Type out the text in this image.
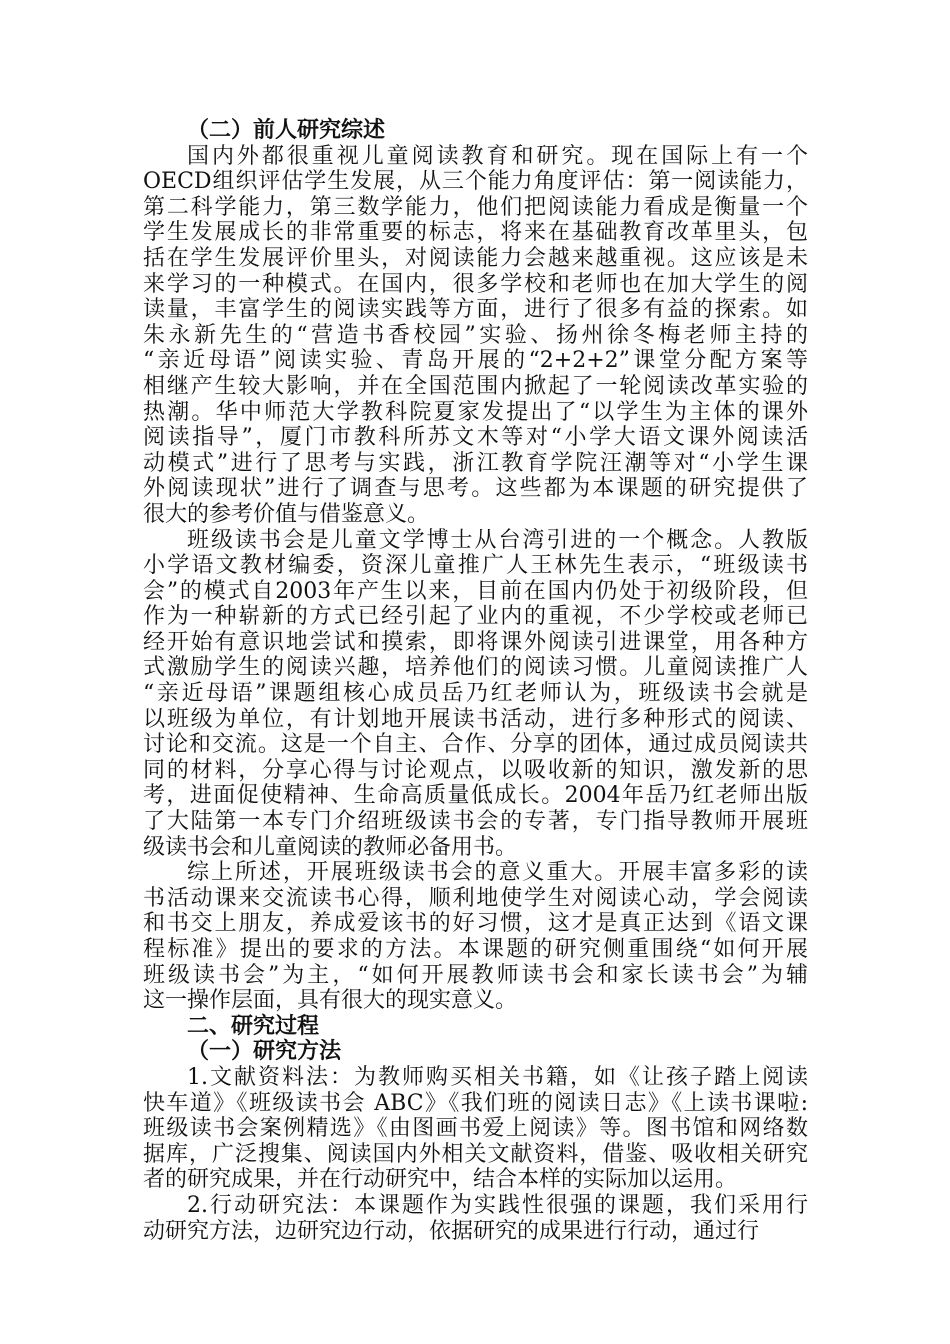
（二）前人研究综述
国内外都很重视儿童阅读教育和研究。现在国际上有一个
OECD组织评估学生发展，从三个能力角度评估：第一阅读能力，
第二科学能力，第三数学能力，他们把阅读能力看成是衡量一个
学生发展成长的非常重要的标志，将来在基础教育改革里头，包
括在学生发展评价里头，对阅读能力会越来越重视。这应该是未
来学习的一种模式。在国内，很多学校和老师也在加大学生的阅
读量，丰富学生的阅读实践等方面，进行了很多有益的探索。如
朱永新先生的“营造书香校园”实验、扬州徐冬梅老师主持的
“亲近母语”阅读实验、青岛开展的“2+2+2”课堂分配方案等
相继产生较大影响，并在全国范围内掀起了一轮阅读改革实验的
热潮。华中师范大学教科院夏家发提出了“以学生为主体的课外
阅读指导”，厦门市教科所苏文木等对“小学大语文课外阅读活
动模式”进行了思考与实践，浙江教育学院汪潮等对“小学生课
外阅读现状”进行了调查与思考。这些都为本课题的研究提供了
很大的参考价值与借鉴意义。
班级读书会是儿童文学博士从台湾引进的一个概念。人教版
小学语文教材编委，资深儿童推广人王林先生表示，“班级读书
会”的模式自2003年产生以来，目前在国内仍处于初级阶段，但
作为一种崭新的方式已经引起了业内的重视，不少学校或老师已
经开始有意识地尝试和摸索，即将课外阅读引进课堂，用各种方
式激励学生的阅读兴趣，培养他们的阅读习惯。儿童阅读推广人
“亲近母语”课题组核心成员岳乃红老师认为，班级读书会就是
以班级为单位，有计划地开展读书活动，进行多种形式的阅读、
讨论和交流。这是一个自主、合作、分享的团体，通过成员阅读共
同的材料，分享心得与讨论观点，以吸收新的知识，激发新的思
考，进面促使精神、生命高质量低成长。2004年岳乃红老师出版
了大陆第一本专门介绍班级读书会的专著，专门指导教师开展班
级读书会和儿童阅读的教师必备用书。
综上所述，开展班级读书会的意义重大。开展丰富多彩的读
书活动课来交流读书心得，顺利地使学生对阅读心动，学会阅读
和书交上朋友，养成爱该书的好习惯，这才是真正达到《语文课
程标准》提出的要求的方法。本课题的研究侧重围绕“如何开展
班级读书会”为主，“如何开展教师读书会和家长读书会”为辅
这一操作层面，具有很大的现实意义。
二、研究过程
（一）研究方法
1.文献资料法：为教师购买相关书籍，如《让孩子踏上阅读
快车道》《班级读书会 ABC》《我们班的阅读日志》《上读书课啦:
班级读书会案例精选》《由图画书爱上阅读》等。图书馆和网络数
据库，广泛搜集、阅读国内外相关文献资料，借鉴、吸收相关研究
者的研究成果，并在行动研究中，结合本样的实际加以运用。
2.行动研究法：本课题作为实践性很强的课题，我们采用行
动研究方法，边研究边行动，依据研究的成果进行行动，通过行
